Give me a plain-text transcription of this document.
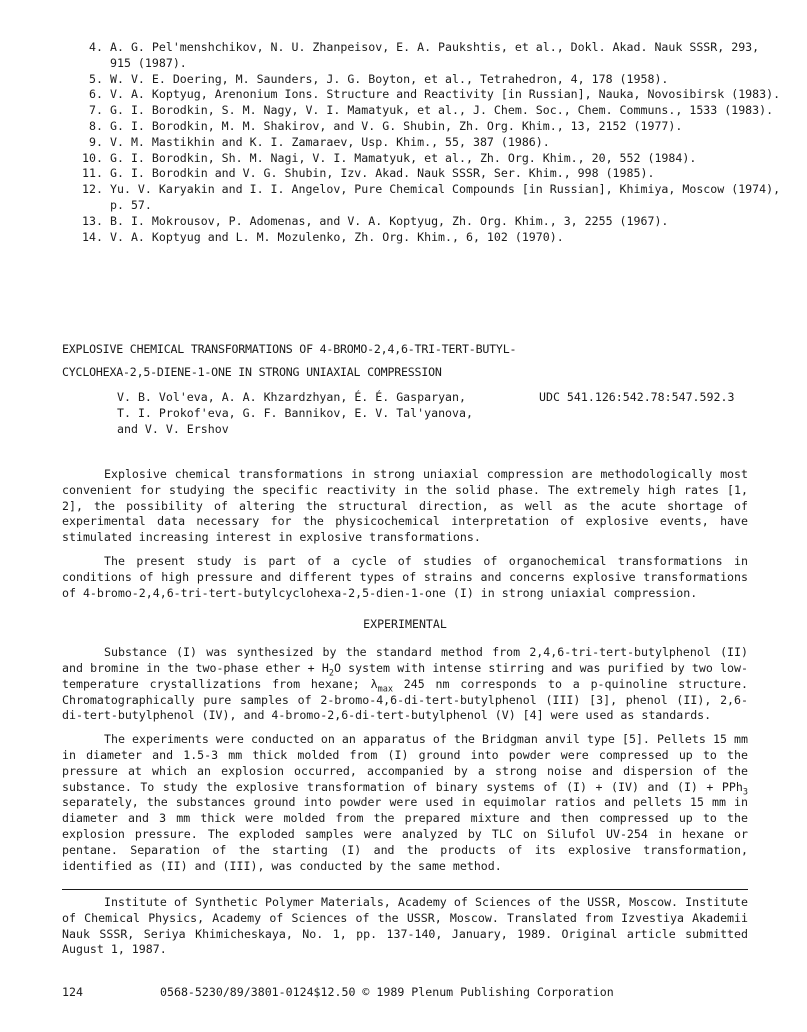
4. A. G. Pel'menshchikov, N. U. Zhanpeisov, E. A. Paukshtis, et al., Dokl. Akad. Nauk SSSR, 293, 915 (1987).
5. W. V. E. Doering, M. Saunders, J. G. Boyton, et al., Tetrahedron, 4, 178 (1958).
6. V. A. Koptyug, Arenonium Ions. Structure and Reactivity [in Russian], Nauka, Novosibirsk (1983).
7. G. I. Borodkin, S. M. Nagy, V. I. Mamatyuk, et al., J. Chem. Soc., Chem. Communs., 1533 (1983).
8. G. I. Borodkin, M. M. Shakirov, and V. G. Shubin, Zh. Org. Khim., 13, 2152 (1977).
9. V. M. Mastikhin and K. I. Zamaraev, Usp. Khim., 55, 387 (1986).
10. G. I. Borodkin, Sh. M. Nagi, V. I. Mamatyuk, et al., Zh. Org. Khim., 20, 552 (1984).
11. G. I. Borodkin and V. G. Shubin, Izv. Akad. Nauk SSSR, Ser. Khim., 998 (1985).
12. Yu. V. Karyakin and I. I. Angelov, Pure Chemical Compounds [in Russian], Khimiya, Moscow (1974), p. 57.
13. B. I. Mokrousov, P. Adomenas, and V. A. Koptyug, Zh. Org. Khim., 3, 2255 (1967).
14. V. A. Koptyug and L. M. Mozulenko, Zh. Org. Khim., 6, 102 (1970).
EXPLOSIVE CHEMICAL TRANSFORMATIONS OF 4-BROMO-2,4,6-TRI-TERT-BUTYL-
CYCLOHEXA-2,5-DIENE-1-ONE IN STRONG UNIAXIAL COMPRESSION
V. B. Vol'eva, A. A. Khzardzhyan, É. É. Gasparyan,
T. I. Prokof'eva, G. F. Bannikov, E. V. Tal'yanova,
and V. V. Ershov
UDC 541.126:542.78:547.592.3

Explosive chemical transformations in strong uniaxial compression are methodologically most convenient for studying the specific reactivity in the solid phase. The extremely high rates [1, 2], the possibility of altering the structural direction, as well as the acute shortage of experimental data necessary for the physicochemical interpretation of explosive events, have stimulated increasing interest in explosive transformations.

The present study is part of a cycle of studies of organochemical transformations in conditions of high pressure and different types of strains and concerns explosive transformations of 4-bromo-2,4,6-tri-tert-butylcyclohexa-2,5-dien-1-one (I) in strong uniaxial compression.

EXPERIMENTAL

Substance (I) was synthesized by the standard method from 2,4,6-tri-tert-butylphenol (II) and bromine in the two-phase ether + $H_2O$ system with intense stirring and was purified by two low-temperature crystallizations from hexane; $\lambda_{max}$ 245 nm corresponds to a p-quinoline structure. Chromatographically pure samples of 2-bromo-4,6-di-tert-butylphenol (III) [3], phenol (II), 2,6-di-tert-butylphenol (IV), and 4-bromo-2,6-di-tert-butylphenol (V) [4] were used as standards.

The experiments were conducted on an apparatus of the Bridgman anvil type [5]. Pellets 15 mm in diameter and 1.5-3 mm thick molded from (I) ground into powder were compressed up to the pressure at which an explosion occurred, accompanied by a strong noise and dispersion of the substance. To study the explosive transformation of binary systems of (I) + (IV) and (I) + PPh$_3$ separately, the substances ground into powder were used in equimolar ratios and pellets 15 mm in diameter and 3 mm thick were molded from the prepared mixture and then compressed up to the explosion pressure. The exploded samples were analyzed by TLC on Silufol UV-254 in hexane or pentane. Separation of the starting (I) and the products of its explosive transformation, identified as (II) and (III), was conducted by the same method.

Institute of Synthetic Polymer Materials, Academy of Sciences of the USSR, Moscow. Institute of Chemical Physics, Academy of Sciences of the USSR, Moscow. Translated from Izvestiya Akademii Nauk SSSR, Seriya Khimicheskaya, No. 1, pp. 137-140, January, 1989. Original article submitted August 1, 1987.

124	0568-5230/89/3801-0124$12.50 © 1989 Plenum Publishing Corporation
